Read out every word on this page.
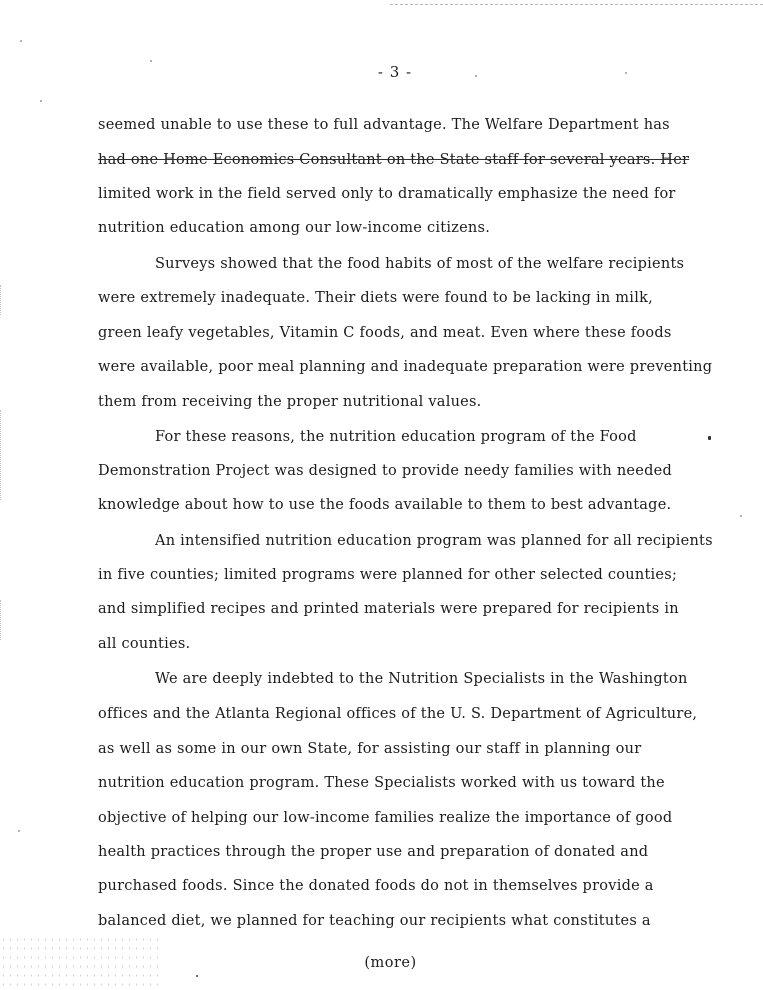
- 3 -
seemed unable to use these to full advantage. The Welfare Department has
had one Home Economics Consultant on the State staff for several years. Her
limited work in the field served only to dramatically emphasize the need for
nutrition education among our low-income citizens.
Surveys showed that the food habits of most of the welfare recipients
were extremely inadequate. Their diets were found to be lacking in milk,
green leafy vegetables, Vitamin C foods, and meat. Even where these foods
were available, poor meal planning and inadequate preparation were preventing
them from receiving the proper nutritional values.
For these reasons, the nutrition education program of the Food
Demonstration Project was designed to provide needy families with needed
knowledge about how to use the foods available to them to best advantage.
An intensified nutrition education program was planned for all recipients
in five counties; limited programs were planned for other selected counties;
and simplified recipes and printed materials were prepared for recipients in
all counties.
We are deeply indebted to the Nutrition Specialists in the Washington
offices and the Atlanta Regional offices of the U. S. Department of Agriculture,
as well as some in our own State, for assisting our staff in planning our
nutrition education program. These Specialists worked with us toward the
objective of helping our low-income families realize the importance of good
health practices through the proper use and preparation of donated and
purchased foods. Since the donated foods do not in themselves provide a
balanced diet, we planned for teaching our recipients what constitutes a
(more)
